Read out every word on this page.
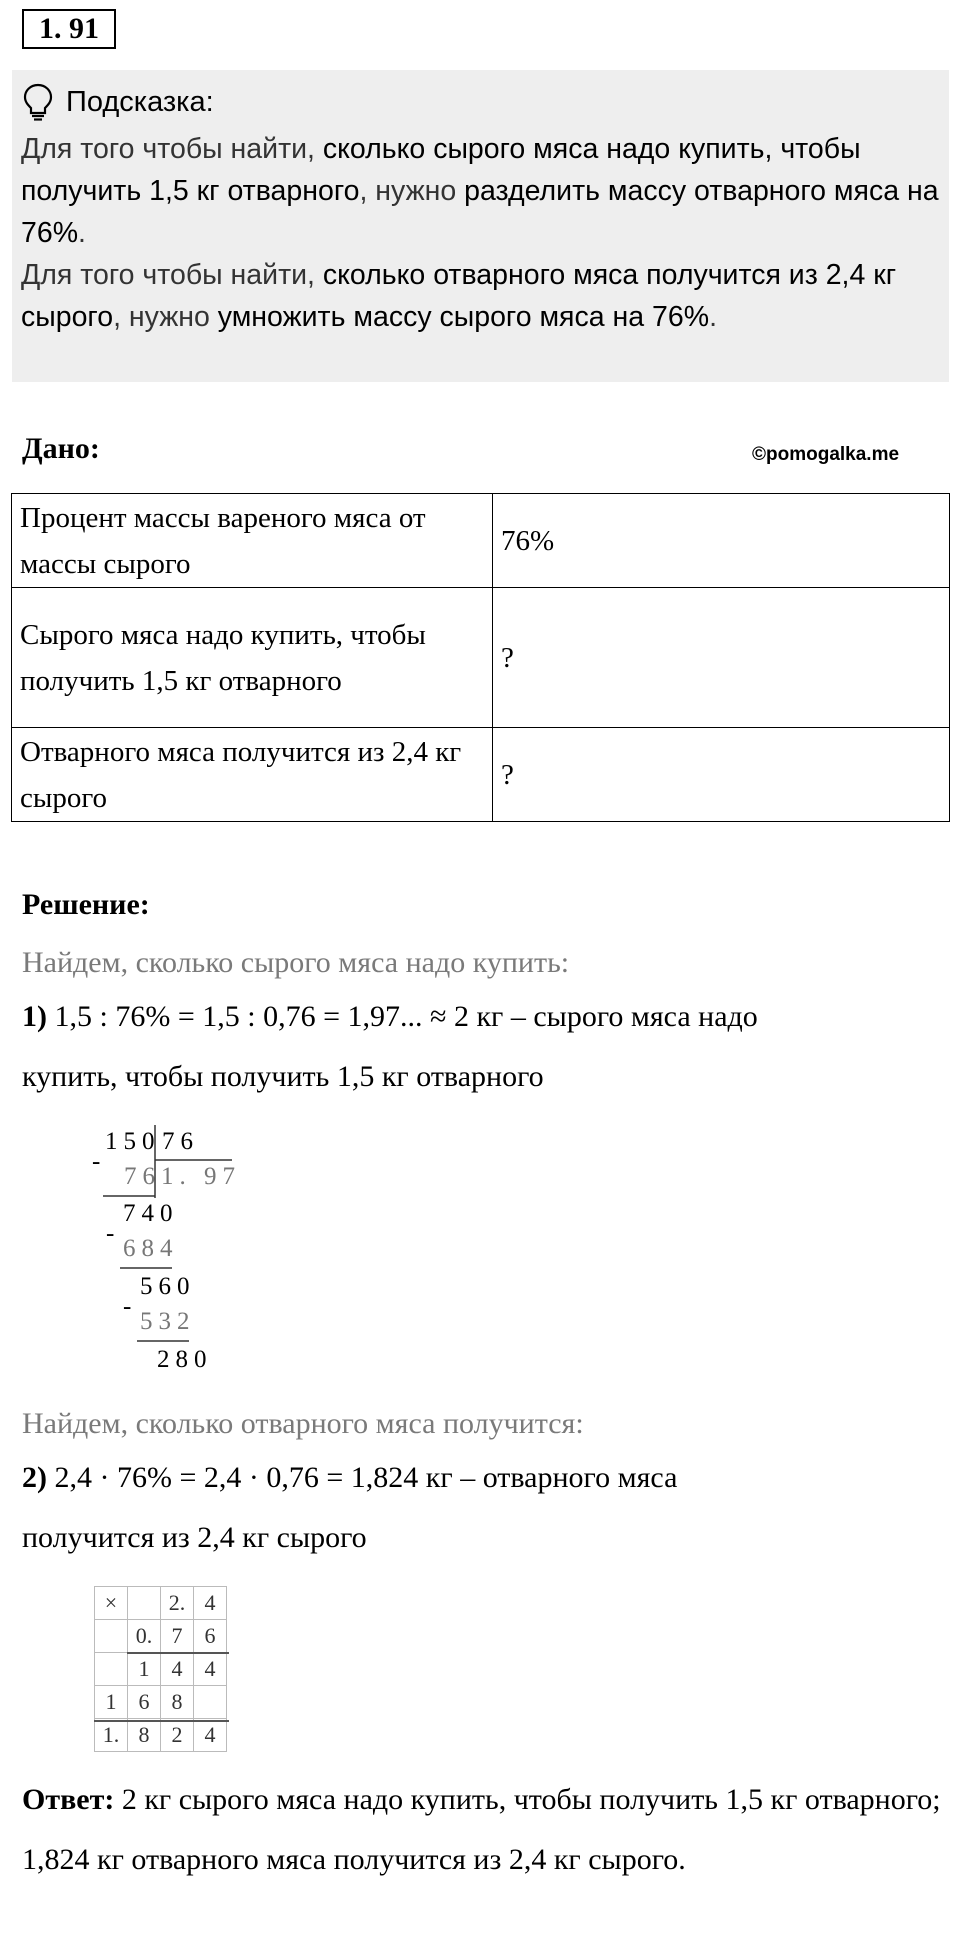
1. 91
Подсказка:
Для того чтобы найти, сколько сырого мяса надо купить, чтобы получить 1,5 кг отварного, нужно разделить массу отварного мяса на 76%.
Для того чтобы найти, сколько отварного мяса получится из 2,4 кг сырого, нужно умножить массу сырого мяса на 76%.
Дано:	©pomogalka.me
Процент массы вареного мяса от массы сырого	76%
Сырого мяса надо купить, чтобы получить 1,5 кг отварного	?
Отварного мяса получится из 2,4 кг сырого	?
Решение:
Найдем, сколько сырого мяса надо купить:
1) 1,5 : 76% = 1,5 : 0,76 = 1,97... ≈ 2 кг – сырого мяса надо
купить, чтобы получить 1,5 кг отварного
150 76
-
76 1. 97
740
-
684
560
-
532
280
Найдем, сколько отварного мяса получится:
2) 2,4 · 76% = 2,4 · 0,76 = 1,824 кг – отварного мяса
получится из 2,4 кг сырого
×		2.	4
	0.	7	6
	1	4	4
1	6	8	
1.	8	2	4
Ответ: 2 кг сырого мяса надо купить, чтобы получить 1,5 кг отварного; 1,824 кг отварного мяса получится из 2,4 кг сырого.
